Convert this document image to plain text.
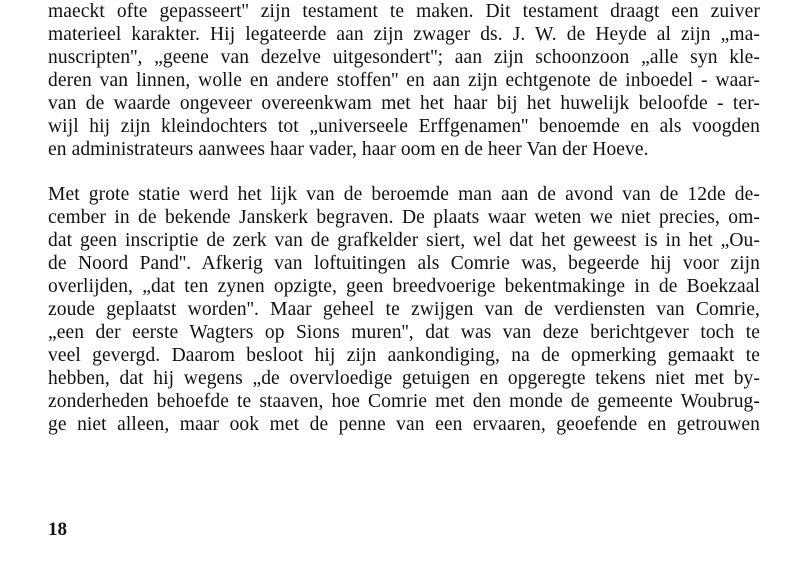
maeckt ofte gepasseert'' zijn testament te maken. Dit testament draagt een zuiver
materieel karakter. Hij legateerde aan zijn zwager ds. J. W. de Heyde al zijn „ma-
nuscripten'', „geene van dezelve uitgesondert''; aan zijn schoonzoon „alle syn kle-
deren van linnen, wolle en andere stoffen'' en aan zijn echtgenote de inboedel - waar-
van de waarde ongeveer overeenkwam met het haar bij het huwelijk beloofde - ter-
wijl hij zijn kleindochters tot „universeele Erffgenamen'' benoemde en als voogden
en administrateurs aanwees haar vader, haar oom en de heer Van der Hoeve.
Met grote statie werd het lijk van de beroemde man aan de avond van de 12de de-
cember in de bekende Janskerk begraven. De plaats waar weten we niet precies, om-
dat geen inscriptie de zerk van de grafkelder siert, wel dat het geweest is in het „Ou-
de Noord Pand''. Afkerig van loftuitingen als Comrie was, begeerde hij voor zijn
overlijden, „dat ten zynen opzigte, geen breedvoerige bekentmakinge in de Boekzaal
zoude geplaatst worden''. Maar geheel te zwijgen van de verdiensten van Comrie,
„een der eerste Wagters op Sions muren'', dat was van deze berichtgever toch te
veel gevergd. Daarom besloot hij zijn aankondiging, na de opmerking gemaakt te
hebben, dat hij wegens „de overvloedige getuigen en opgeregte tekens niet met by-
zonderheden behoefde te staaven, hoe Comrie met den monde de gemeente Woubrug-
ge niet alleen, maar ook met de penne van een ervaaren, geoefende en getrouwen
18
